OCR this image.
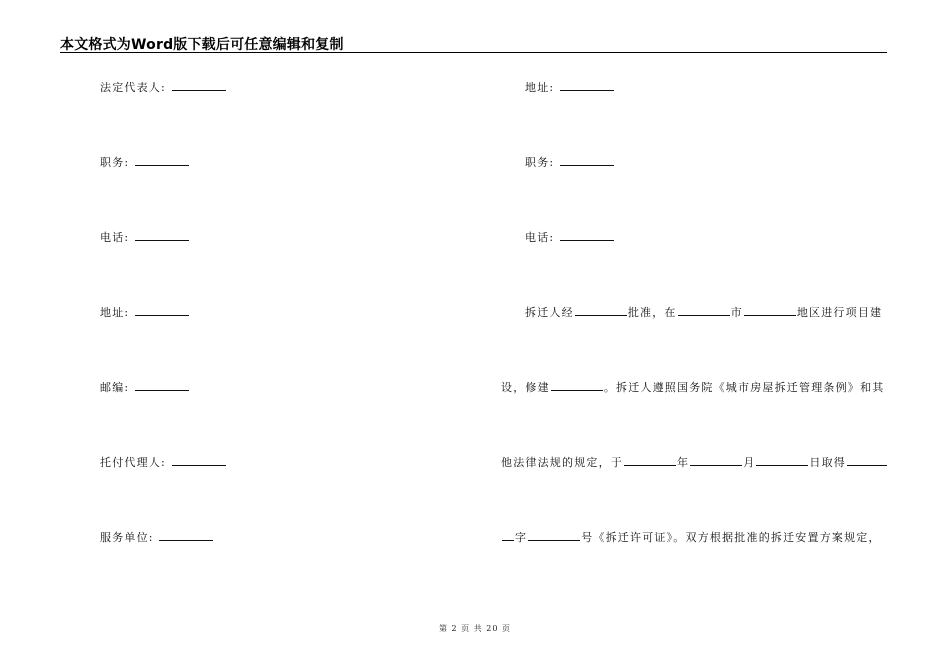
本文格式为Word版下载后可任意编辑和复制
法定代表人:
职务:
电话:
地址:
邮编:
托付代理人:
服务单位:
地址:
职务:
电话:
拆迁人经	批准，在	市	地区进行项目建
设，修建	。拆迁人遵照国务院《城市房屋拆迁管理条例》和其
他法律法规的规定，于	年	月	日取得
字	号《拆迁许可证》。双方根据批准的拆迁安置方案规定，
第 2 页 共 20 页
